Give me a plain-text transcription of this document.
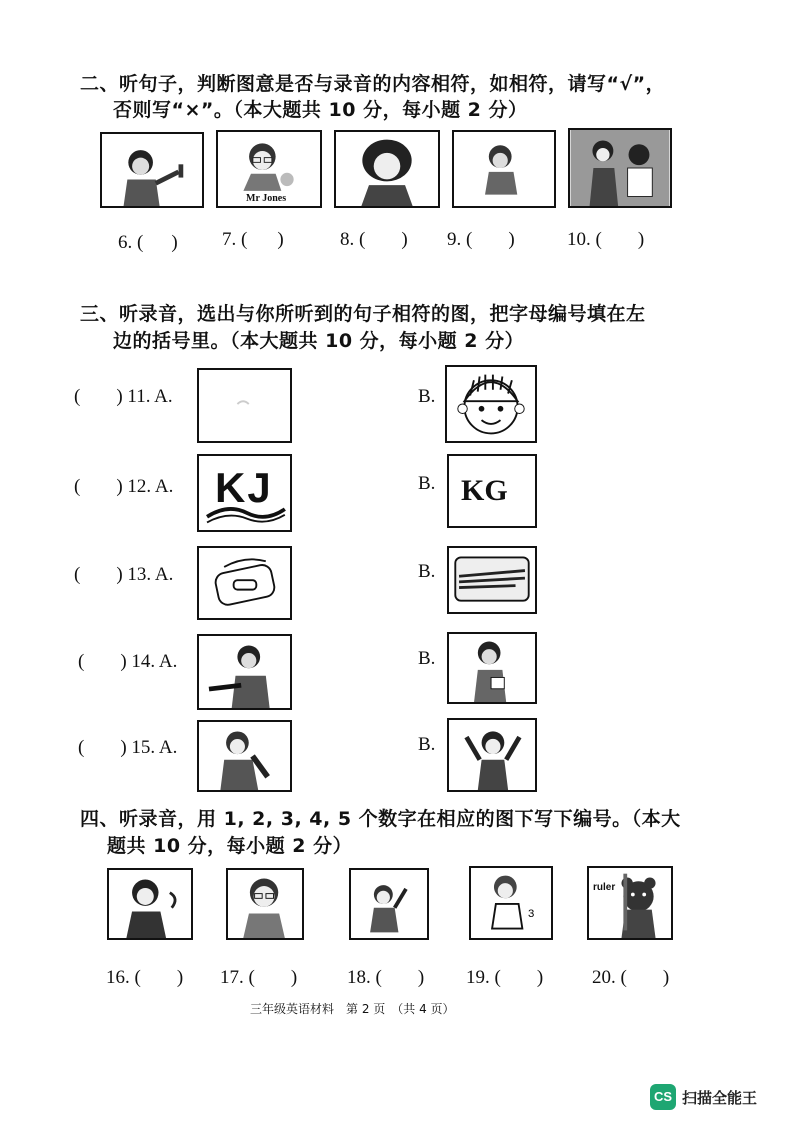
二、听句子，判断图意是否与录音的内容相符，如相符，请写“√”，
否则写“×”。（本大题共 10 分，每小题 2 分）
Mr Jones
6. ( ) 7. ( )	8. ( ) 9. ( )	10. ( )
三、听录音，选出与你所听到的句子相符的图，把字母编号填在左
边的括号里。（本大题共 10 分，每小题 2 分）
( ) 11. A.	B.
( ) 12. A. KJ	B. KG
( ) 13. A.	B.
( ) 14. A.	B.
( ) 15. A.	B.
四、听录音，用 1, 2, 3, 4, 5 个数字在相应的图下写下编号。（本大
题共 10 分，每小题 2 分）
3
ruler
16. ( ) 17. ( )	18. ( ) 19. ( )	20. ( )
三年级英语材料　第 2 页　（共 4 页）
CS 扫描全能王
